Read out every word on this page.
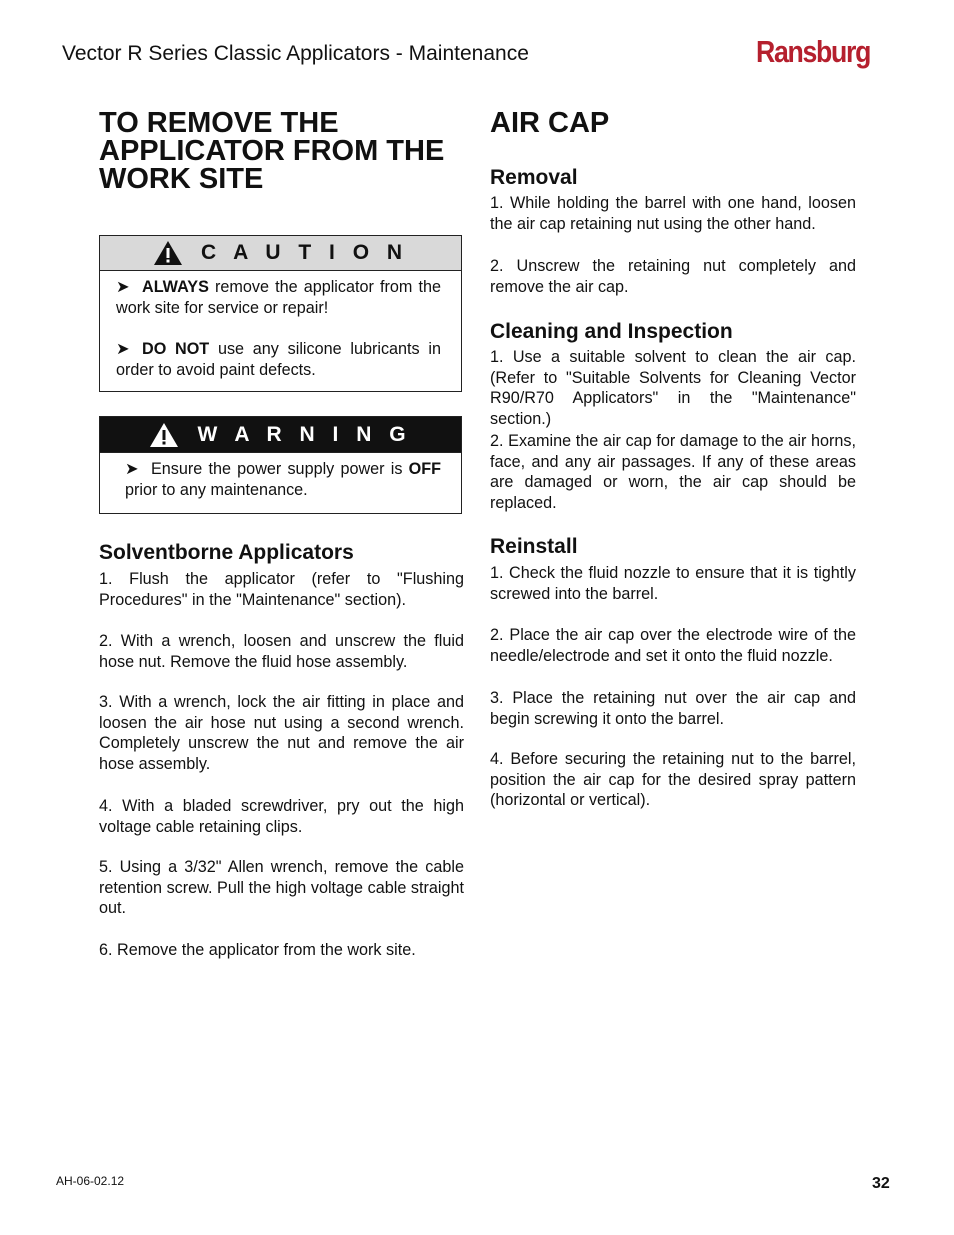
Vector R Series Classic Applicators - Maintenance	Ransburg
TO REMOVE THE
APPLICATOR FROM THE
WORK SITE
C A U T I O N

➤ ALWAYS remove the applicator from the work site for service or repair!

➤ DO NOT use any silicone lubricants in order to avoid paint defects.

W A R N I N G

➤ Ensure the power supply power is OFF prior to any maintenance.

Solventborne Applicators

1. Flush the applicator (refer to "Flushing Procedures" in the "Maintenance" section).

2. With a wrench, loosen and unscrew the fluid hose nut. Remove the fluid hose assembly.

3. With a wrench, lock the air fitting in place and loosen the air hose nut using a second wrench. Completely unscrew the nut and remove the air hose assembly.

4. With a bladed screwdriver, pry out the high voltage cable retaining clips.

5. Using a 3/32" Allen wrench, remove the cable retention screw. Pull the high voltage cable straight out.

6. Remove the applicator from the work site.

AIR CAP
Removal

1. While holding the barrel with one hand, loosen the air cap retaining nut using the other hand.

2. Unscrew the retaining nut completely and remove the air cap.

Cleaning and Inspection

1. Use a suitable solvent to clean the air cap. (Refer to "Suitable Solvents for Cleaning Vector R90/R70 Applicators" in the "Maintenance" section.)

2. Examine the air cap for damage to the air horns, face, and any air passages. If any of these areas are damaged or worn, the air cap should be replaced.

Reinstall

1. Check the fluid nozzle to ensure that it is tightly screwed into the barrel.

2. Place the air cap over the electrode wire of the needle/electrode and set it onto the fluid nozzle.

3. Place the retaining nut over the air cap and begin screwing it onto the barrel.

4. Before securing the retaining nut to the barrel, position the air cap for the desired spray pattern (horizontal or vertical).

AH-06-02.12	32
